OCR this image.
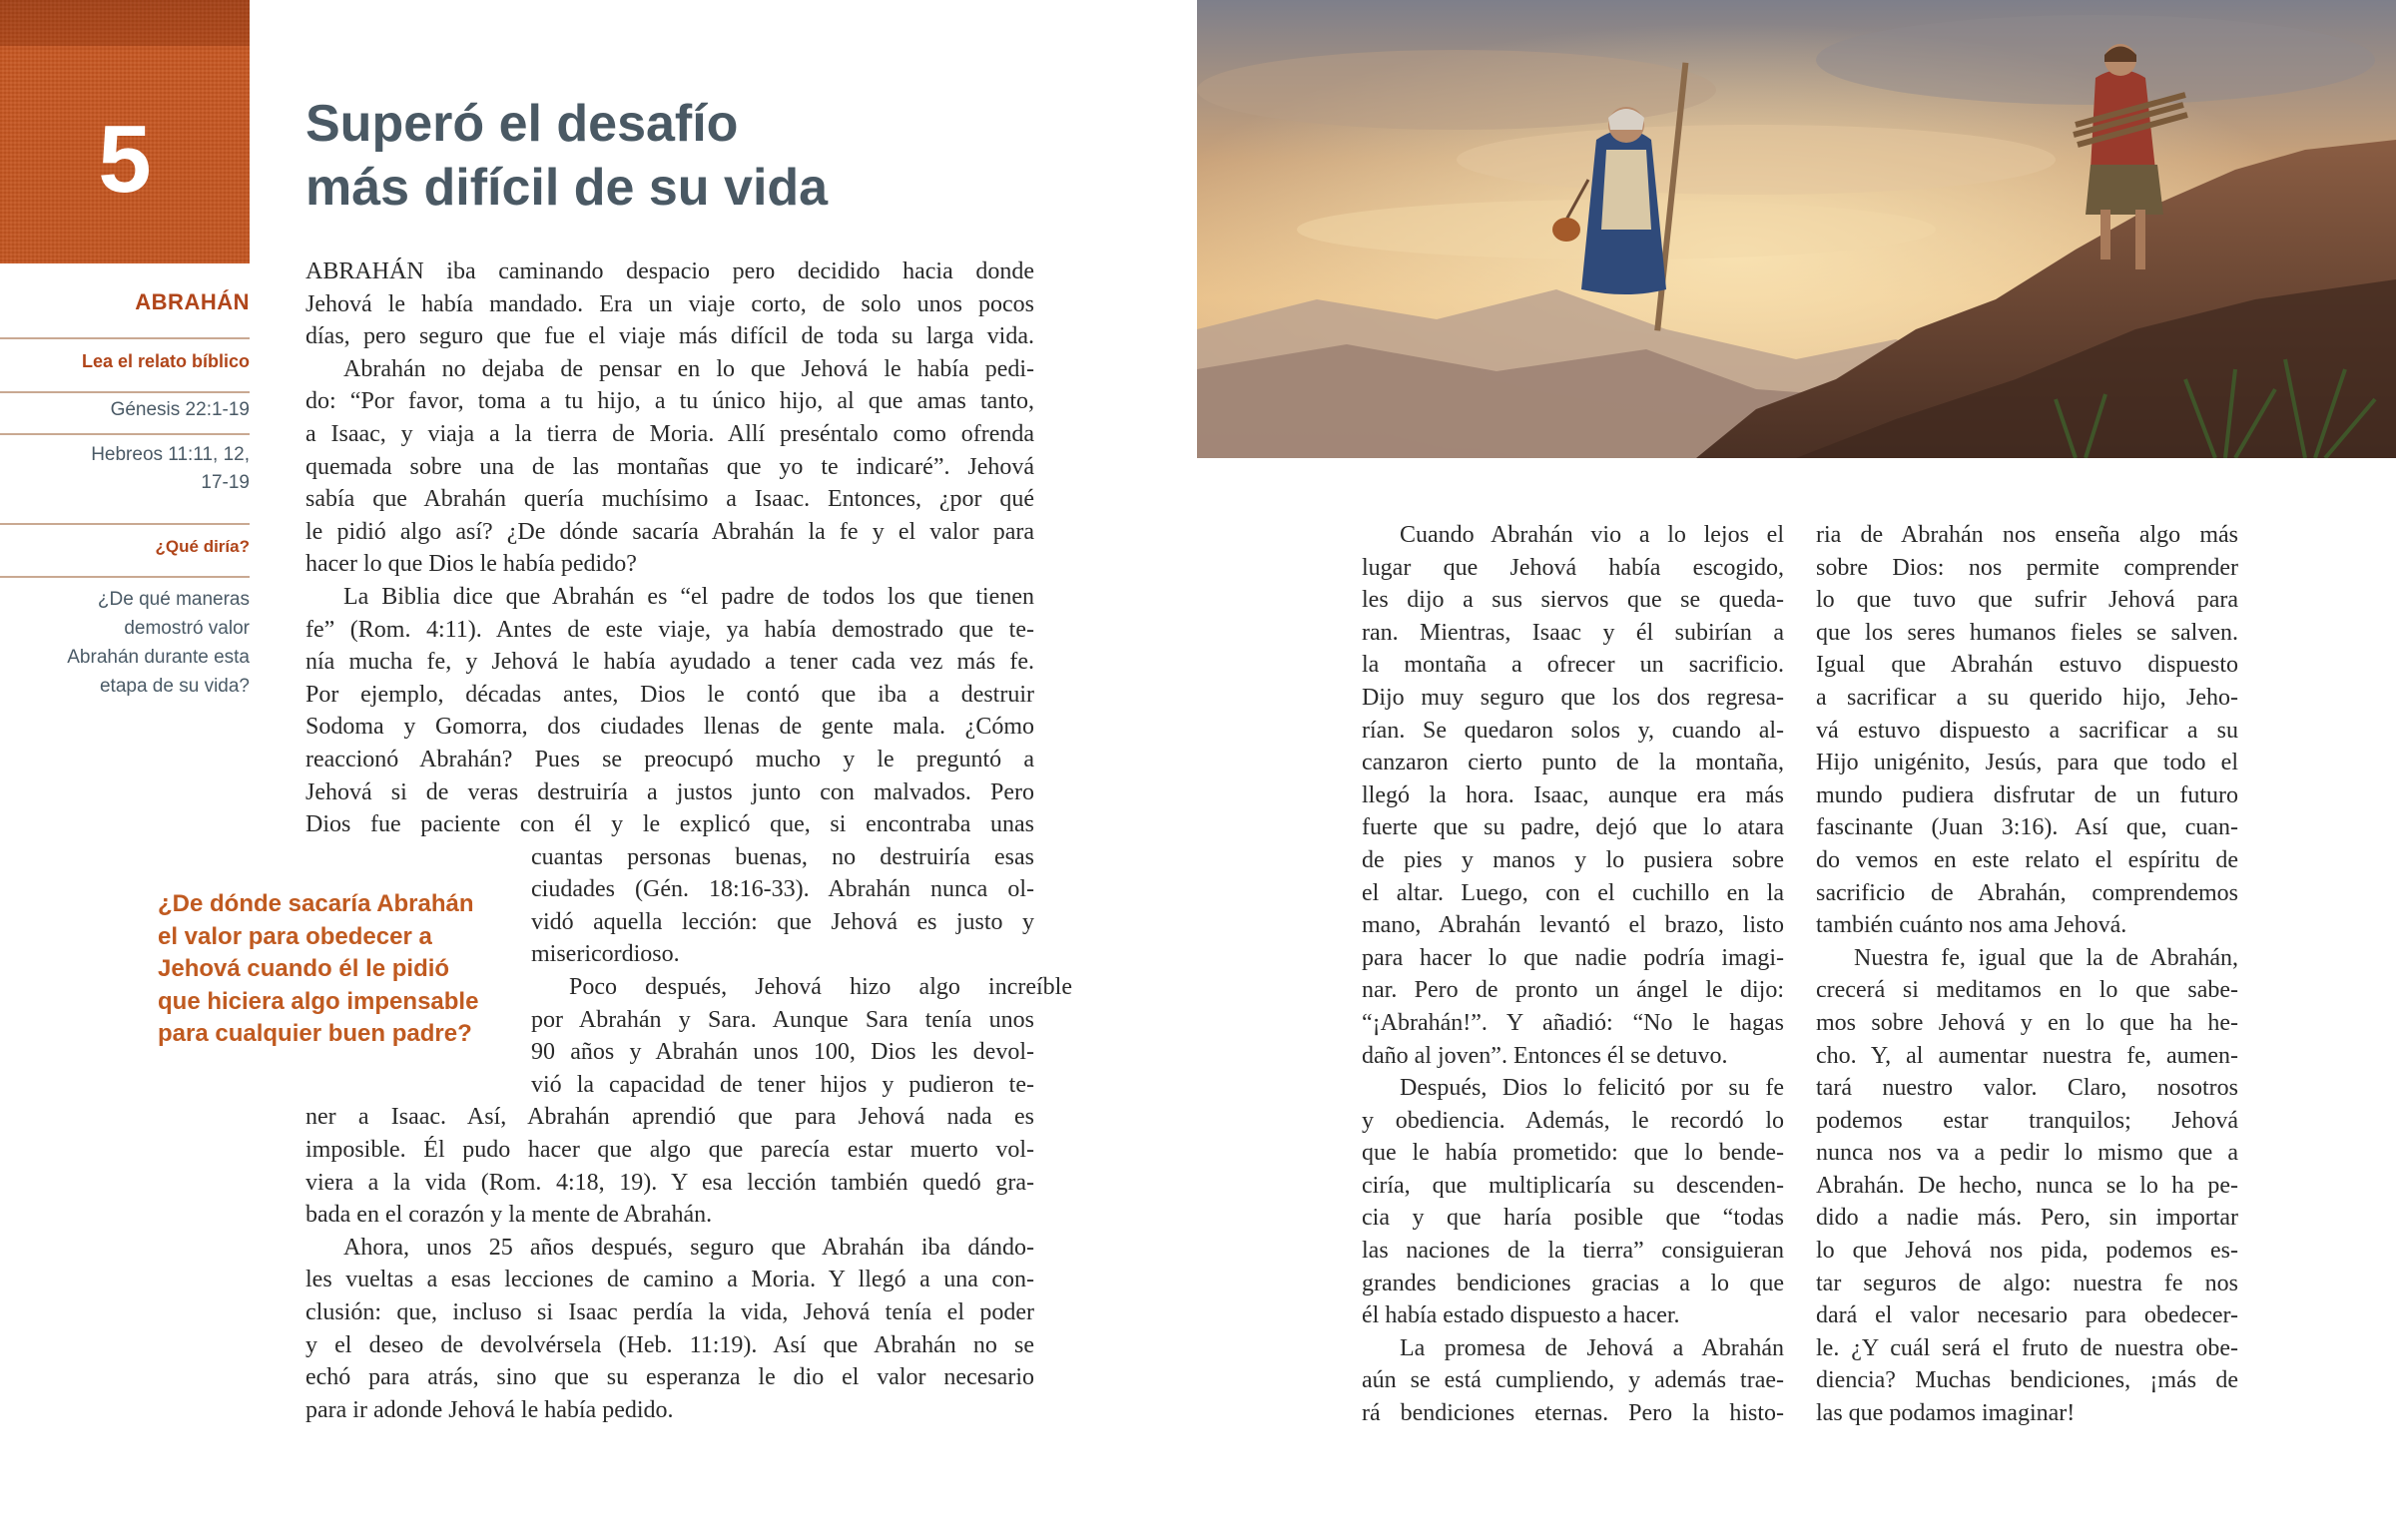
5
ABRAHÁN
Lea el relato bíblico
Génesis 22:1-19
Hebreos 11:11, 12,
17-19
¿Qué diría?
¿De qué maneras
demostró valor
Abrahán durante esta
etapa de su vida?
Superó el desafío
más difícil de su vida
ABRAHÁN iba caminando despacio pero decidido hacia donde
Jehová le había mandado. Era un viaje corto, de solo unos pocos
días, pero seguro que fue el viaje más difícil de toda su larga vida.
Abrahán no dejaba de pensar en lo que Jehová le había pedi-
do: “Por favor, toma a tu hijo, a tu único hijo, al que amas tanto,
a Isaac, y viaja a la tierra de Moria. Allí preséntalo como ofrenda
quemada sobre una de las montañas que yo te indicaré”. Jehová
sabía que Abrahán quería muchísimo a Isaac. Entonces, ¿por qué
le pidió algo así? ¿De dónde sacaría Abrahán la fe y el valor para
hacer lo que Dios le había pedido?
La Biblia dice que Abrahán es “el padre de todos los que tienen
fe” (Rom. 4:11). Antes de este viaje, ya había demostrado que te-
nía mucha fe, y Jehová le había ayudado a tener cada vez más fe.
Por ejemplo, décadas antes, Dios le contó que iba a destruir
Sodoma y Gomorra, dos ciudades llenas de gente mala. ¿Cómo
reaccionó Abrahán? Pues se preocupó mucho y le preguntó a
Jehová si de veras destruiría a justos junto con malvados. Pero
Dios fue paciente con él y le explicó que, si encontraba unas
cuantas personas buenas, no destruiría esas
ciudades (Gén. 18:16-33). Abrahán nunca ol-
vidó aquella lección: que Jehová es justo y
misericordioso.
Poco después, Jehová hizo algo increíble
por Abrahán y Sara. Aunque Sara tenía unos
90 años y Abrahán unos 100, Dios les devol-
vió la capacidad de tener hijos y pudieron te-
ner a Isaac. Así, Abrahán aprendió que para Jehová nada es
imposible. Él pudo hacer que algo que parecía estar muerto vol-
viera a la vida (Rom. 4:18, 19). Y esa lección también quedó gra-
bada en el corazón y la mente de Abrahán.
Ahora, unos 25 años después, seguro que Abrahán iba dándo-
les vueltas a esas lecciones de camino a Moria. Y llegó a una con-
clusión: que, incluso si Isaac perdía la vida, Jehová tenía el poder
y el deseo de devolvérsela (Heb. 11:19). Así que Abrahán no se
echó para atrás, sino que su esperanza le dio el valor necesario
para ir adonde Jehová le había pedido.
¿De dónde sacaría Abrahán
el valor para obedecer a
Jehová cuando él le pidió
que hiciera algo impensable
para cualquier buen padre?
Cuando Abrahán vio a lo lejos el
lugar que Jehová había escogido,
les dijo a sus siervos que se queda-
ran. Mientras, Isaac y él subirían a
la montaña a ofrecer un sacrificio.
Dijo muy seguro que los dos regresa-
rían. Se quedaron solos y, cuando al-
canzaron cierto punto de la montaña,
llegó la hora. Isaac, aunque era más
fuerte que su padre, dejó que lo atara
de pies y manos y lo pusiera sobre
el altar. Luego, con el cuchillo en la
mano, Abrahán levantó el brazo, listo
para hacer lo que nadie podría imagi-
nar. Pero de pronto un ángel le dijo:
“¡Abrahán!”. Y añadió: “No le hagas
daño al joven”. Entonces él se detuvo.
Después, Dios lo felicitó por su fe
y obediencia. Además, le recordó lo
que le había prometido: que lo bende-
ciría, que multiplicaría su descenden-
cia y que haría posible que “todas
las naciones de la tierra” consiguieran
grandes bendiciones gracias a lo que
él había estado dispuesto a hacer.
La promesa de Jehová a Abrahán
aún se está cumpliendo, y además trae-
rá bendiciones eternas. Pero la histo-
ria de Abrahán nos enseña algo más
sobre Dios: nos permite comprender
lo que tuvo que sufrir Jehová para
que los seres humanos fieles se salven.
Igual que Abrahán estuvo dispuesto
a sacrificar a su querido hijo, Jeho-
vá estuvo dispuesto a sacrificar a su
Hijo unigénito, Jesús, para que todo el
mundo pudiera disfrutar de un futuro
fascinante (Juan 3:16). Así que, cuan-
do vemos en este relato el espíritu de
sacrificio de Abrahán, comprendemos
también cuánto nos ama Jehová.
Nuestra fe, igual que la de Abrahán,
crecerá si meditamos en lo que sabe-
mos sobre Jehová y en lo que ha he-
cho. Y, al aumentar nuestra fe, aumen-
tará nuestro valor. Claro, nosotros
podemos estar tranquilos; Jehová
nunca nos va a pedir lo mismo que a
Abrahán. De hecho, nunca se lo ha pe-
dido a nadie más. Pero, sin importar
lo que Jehová nos pida, podemos es-
tar seguros de algo: nuestra fe nos
dará el valor necesario para obedecer-
le. ¿Y cuál será el fruto de nuestra obe-
diencia? Muchas bendiciones, ¡más de
las que podamos imaginar!
